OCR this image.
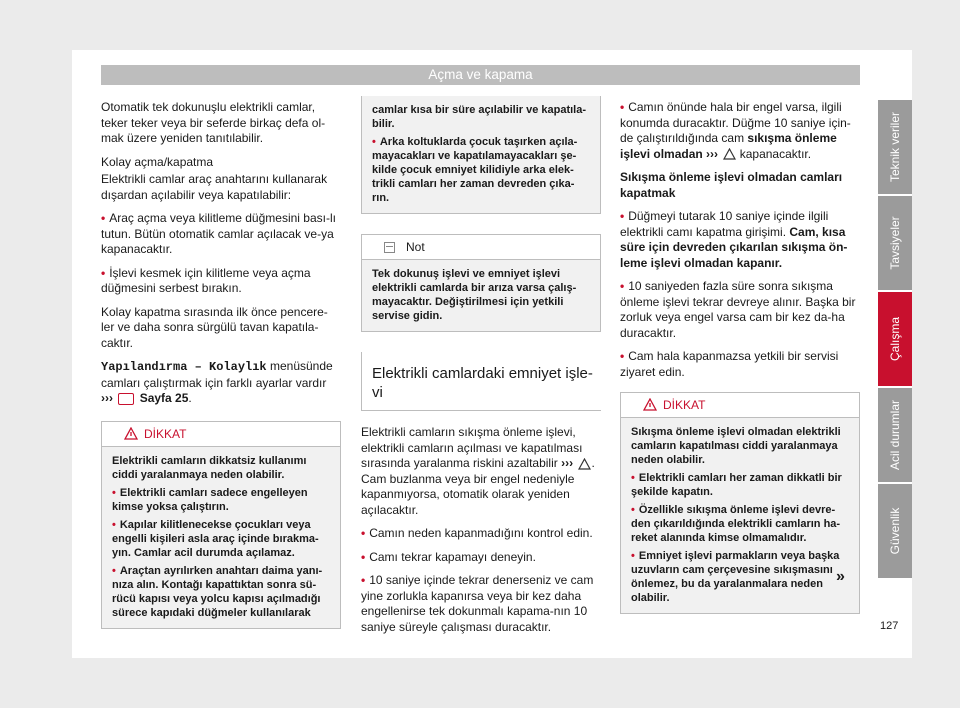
Açma ve kapama

Otomatik tek dokunuşlu elektrikli camlar, teker teker veya bir seferde birkaç defa ol-mak üzere yeniden tanıtılabilir.

Kolay açma/kapatma

Elektrikli camlar araç anahtarını kullanarak dışardan açılabilir veya kapatılabilir:

• Araç açma veya kilitleme düğmesini bası-lı tutun. Bütün otomatik camlar açılacak ve-ya kapanacaktır.

• İşlevi kesmek için kilitleme veya açma düğmesini serbest bırakın.

Kolay kapatma sırasında ilk önce pencere-ler ve daha sonra sürgülü tavan kapatıla-caktır.

Yapılandırma – Kolaylık menüsünde camları çalıştırmak için farklı ayarlar vardır ››› Sayfa 25.

DİKKAT

Elektrikli camların dikkatsiz kullanımı ciddi yaralanmaya neden olabilir.

• Elektrikli camları sadece engelleyen kimse yoksa çalıştırın.

• Kapılar kilitlenecekse çocukları veya engelli kişileri asla araç içinde bırakma-yın. Camlar acil durumda açılamaz.

• Araçtan ayrılırken anahtarı daima yanı-nıza alın. Kontağı kapattıktan sonra sü-rücü kapısı veya yolcu kapısı açılmadığı sürece kapıdaki düğmeler kullanılarak

camlar kısa bir süre açılabilir ve kapatıla-bilir.

• Arka koltuklarda çocuk taşırken açıla-mayacakları ve kapatılamayacakları şe-kilde çocuk emniyet kilidiyle arka elek-trikli camları her zaman devreden çıka-rın.

Not
Tek dokunuş işlevi ve emniyet işlevi elektrikli camlarda bir arıza varsa çalış-mayacaktır. Değiştirilmesi için yetkili servise gidin.
Elektrikli camlardaki emniyet işle-vi

Elektrikli camların sıkışma önleme işlevi, elektrikli camların açılması ve kapatılması sırasında yaralanma riskini azaltabilir ››› . Cam buzlanma veya bir engel nedeniyle kapanmıyorsa, otomatik olarak yeniden açılacaktır.

• Camın neden kapanmadığını kontrol edin.

• Camı tekrar kapamayı deneyin.

• 10 saniye içinde tekrar denerseniz ve cam yine zorlukla kapanırsa veya bir kez daha engellenirse tek dokunmalı kapama-nın 10 saniye süreyle çalışması duracaktır.

• Camın önünde hala bir engel varsa, ilgili konumda duracaktır. Düğme 10 saniye için-de çalıştırıldığında cam sıkışma önleme işlevi olmadan ›››  kapanacaktır.

Sıkışma önleme işlevi olmadan camları kapatmak

• Düğmeyi tutarak 10 saniye içinde ilgili elektrikli camı kapatma girişimi. Cam, kısa süre için devreden çıkarılan sıkışma ön-leme işlevi olmadan kapanır.

• 10 saniyeden fazla süre sonra sıkışma önleme işlevi tekrar devreye alınır. Başka bir zorluk veya engel varsa cam bir kez da-ha duracaktır.

• Cam hala kapanmazsa yetkili bir servisi ziyaret edin.

DİKKAT

Sıkışma önleme işlevi olmadan elektrikli camların kapatılması ciddi yaralanmaya neden olabilir.

• Elektrikli camları her zaman dikkatli bir şekilde kapatın.

• Özellikle sıkışma önleme işlevi devre-den çıkarıldığında elektrikli camların ha-reket alanında kimse olmamalıdır.

• Emniyet işlevi parmakların veya başka uzuvların cam çerçevesine sıkışmasını önlemez, bu da yaralanmalara neden olabilir.

»
Teknik veriler
Tavsiyeler
Çalışma
Acil durumlar
Güvenlik
127
